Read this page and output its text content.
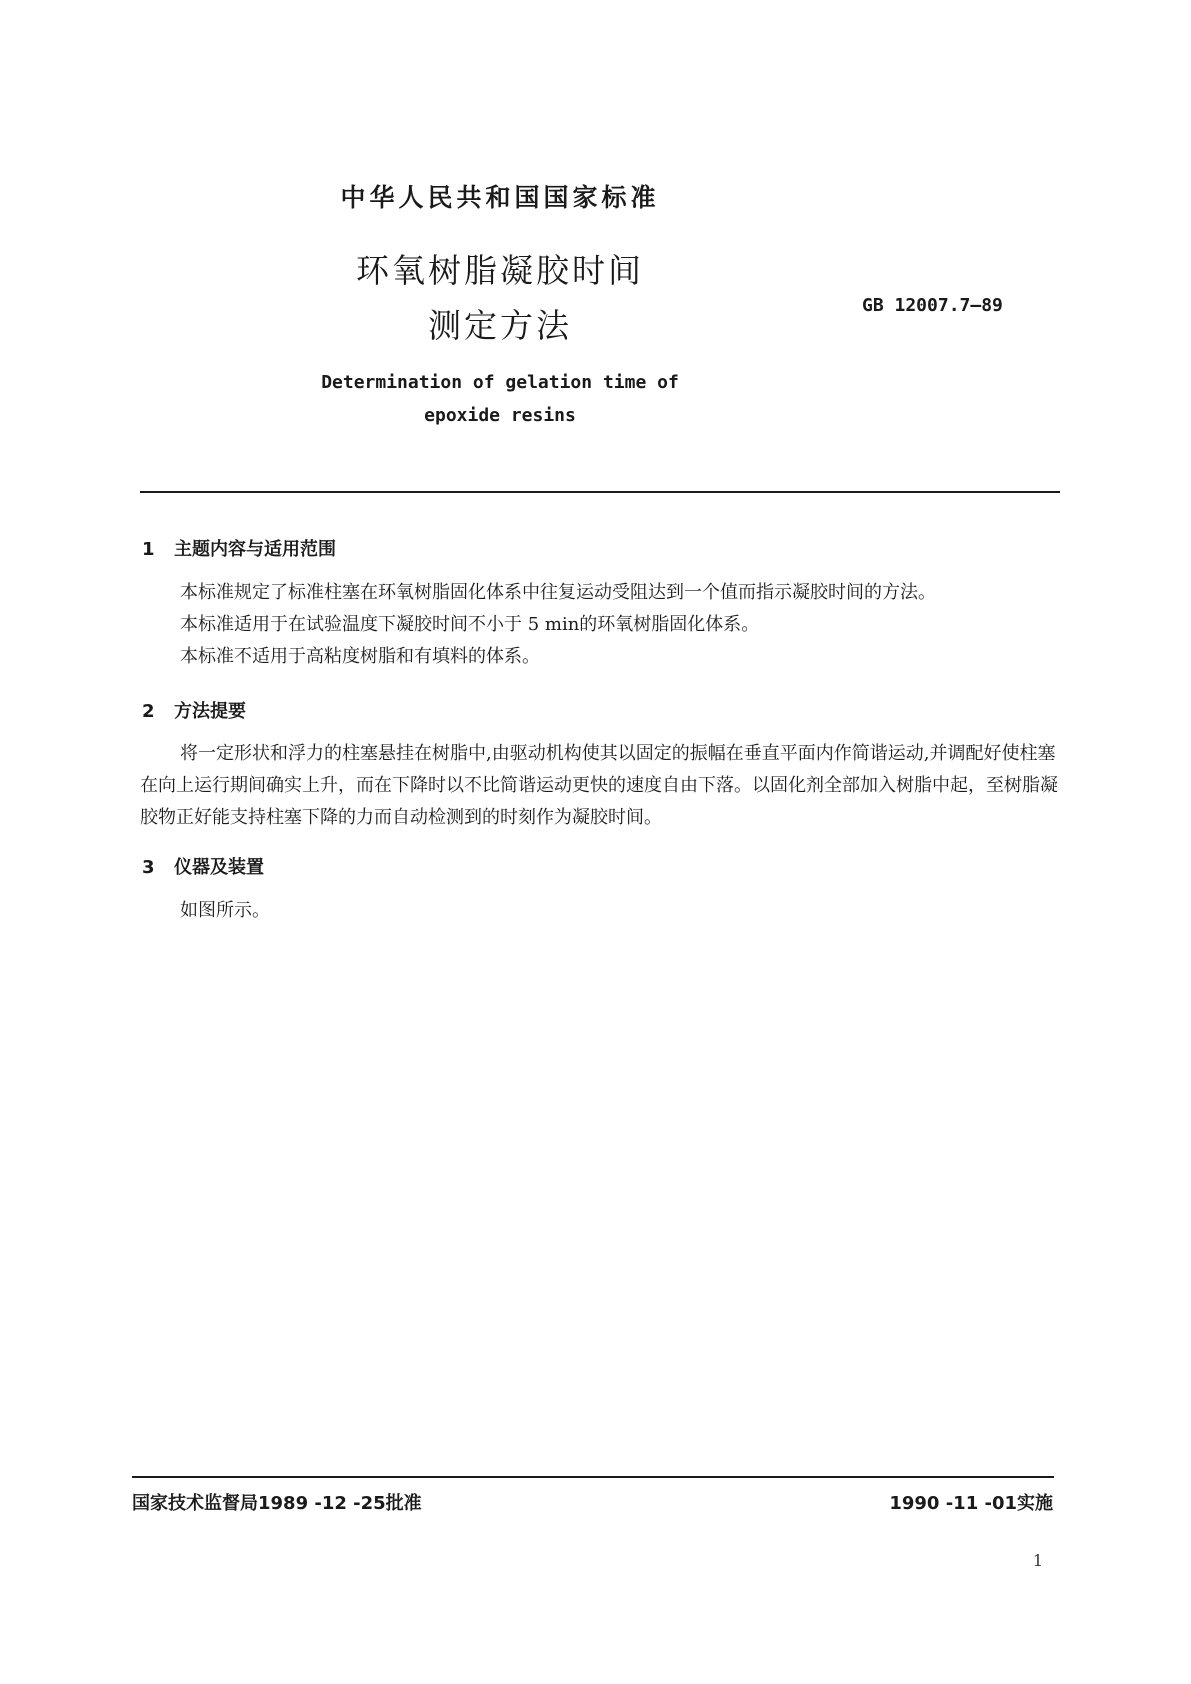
中华人民共和国国家标准
环氧树脂凝胶时间
测定方法
GB 12007.7—89
Determination of gelation time of
epoxide resins
1 主题内容与适用范围
本标准规定了标准柱塞在环氧树脂固化体系中往复运动受阻达到一个值而指示凝胶时间的方法。
本标准适用于在试验温度下凝胶时间不小于 5 min的环氧树脂固化体系。
本标准不适用于高粘度树脂和有填料的体系。
2 方法提要
将一定形状和浮力的柱塞悬挂在树脂中,由驱动机构使其以固定的振幅在垂直平面内作简谐运动,并调配好使柱塞在向上运行期间确实上升，而在下降时以不比简谐运动更快的速度自由下落。以固化剂全部加入树脂中起，至树脂凝胶物正好能支持柱塞下降的力而自动检测到的时刻作为凝胶时间。
3 仪器及装置
如图所示。
国家技术监督局1989 -12 -25批准	1990 -11 -01实施
1
